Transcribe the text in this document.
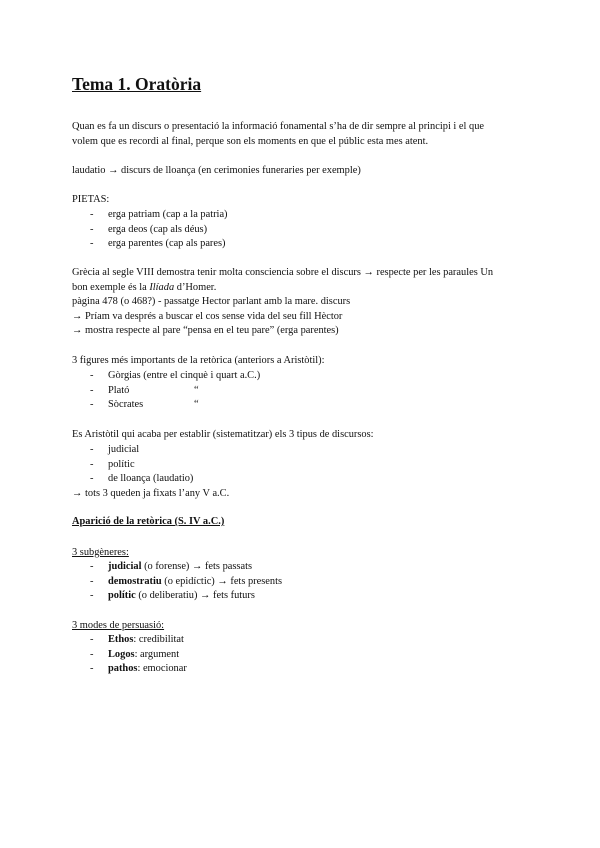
Tema 1. Oratòria

Quan es fa un discurs o presentació la informació fonamental s’ha de dir sempre al principi i el que
volem que es recordi al final, perque son els moments en que el públic esta mes atent.

laudatio → discurs de lloança (en cerimonies funeraries per exemple)

PIETAS:

- erga patriam (cap a la patria)
- erga deos (cap als déus)
- erga parentes (cap als pares)

Grècia al segle VIII demostra tenir molta consciencia sobre el discurs → respecte per les paraules Un
bon exemple és la Ilíada d’Homer.
pàgina 478 (o 468?) - passatge Hector parlant amb la mare. discurs
→ Príam va després a buscar el cos sense vida del seu fill Hèctor
→ mostra respecte al pare “pensa en el teu pare” (erga parentes)

3 figures més importants de la retòrica (anteriors a Aristòtil):

- Gòrgias (entre el cinquè i quart a.C.)
- Plató	“
- Sòcrates	“

Es Aristòtil qui acaba per establir (sistematitzar) els 3 tipus de discursos:

- judicial
- polític
- de lloança (laudatio)

→ tots 3 queden ja fixats l’any V a.C.

Aparició de la retòrica (S. IV a.C.)

3 subgèneres:

- judicial (o forense) → fets passats
- demostratiu (o epidíctic) → fets presents
- polític (o deliberatiu) → fets futurs

3 modes de persuasió:

- Ethos: credibilitat
- Logos: argument
- pathos: emocionar
